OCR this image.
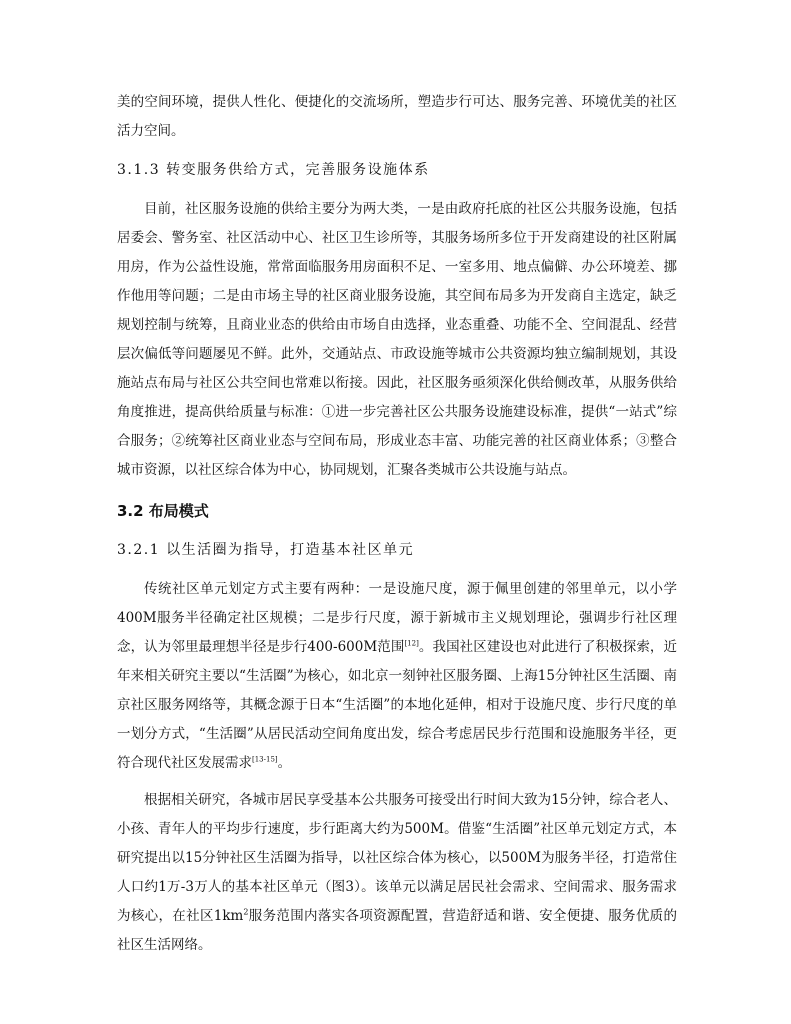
美的空间环境，提供人性化、便捷化的交流场所，塑造步行可达、服务完善、环境优美的社区活力空间。

3.1.3 转变服务供给方式，完善服务设施体系

目前，社区服务设施的供给主要分为两大类，一是由政府托底的社区公共服务设施，包括居委会、警务室、社区活动中心、社区卫生诊所等，其服务场所多位于开发商建设的社区附属用房，作为公益性设施，常常面临服务用房面积不足、一室多用、地点偏僻、办公环境差、挪作他用等问题；二是由市场主导的社区商业服务设施，其空间布局多为开发商自主选定，缺乏规划控制与统筹，且商业业态的供给由市场自由选择，业态重叠、功能不全、空间混乱、经营层次偏低等问题屡见不鲜。此外，交通站点、市政设施等城市公共资源均独立编制规划，其设施站点布局与社区公共空间也常难以衔接。因此，社区服务亟须深化供给侧改革，从服务供给角度推进，提高供给质量与标准：①进一步完善社区公共服务设施建设标准，提供“一站式”综合服务；②统筹社区商业业态与空间布局，形成业态丰富、功能完善的社区商业体系；③整合城市资源，以社区综合体为中心，协同规划，汇聚各类城市公共设施与站点。

3.2 布局模式
3.2.1 以生活圈为指导，打造基本社区单元

传统社区单元划定方式主要有两种：一是设施尺度，源于佩里创建的邻里单元，以小学400M服务半径确定社区规模；二是步行尺度，源于新城市主义规划理论，强调步行社区理念，认为邻里最理想半径是步行400-600M范围[12]。我国社区建设也对此进行了积极探索，近年来相关研究主要以“生活圈”为核心，如北京一刻钟社区服务圈、上海15分钟社区生活圈、南京社区服务网络等，其概念源于日本“生活圈”的本地化延伸，相对于设施尺度、步行尺度的单一划分方式，“生活圈”从居民活动空间角度出发，综合考虑居民步行范围和设施服务半径，更符合现代社区发展需求[13-15]。

根据相关研究，各城市居民享受基本公共服务可接受出行时间大致为15分钟，综合老人、小孩、青年人的平均步行速度，步行距离大约为500M。借鉴“生活圈”社区单元划定方式，本研究提出以15分钟社区生活圈为指导，以社区综合体为核心，以500M为服务半径，打造常住人口约1万-3万人的基本社区单元（图3）。该单元以满足居民社会需求、空间需求、服务需求为核心，在社区$1km^2$服务范围内落实各项资源配置，营造舒适和谐、安全便捷、服务优质的社区生活网络。
